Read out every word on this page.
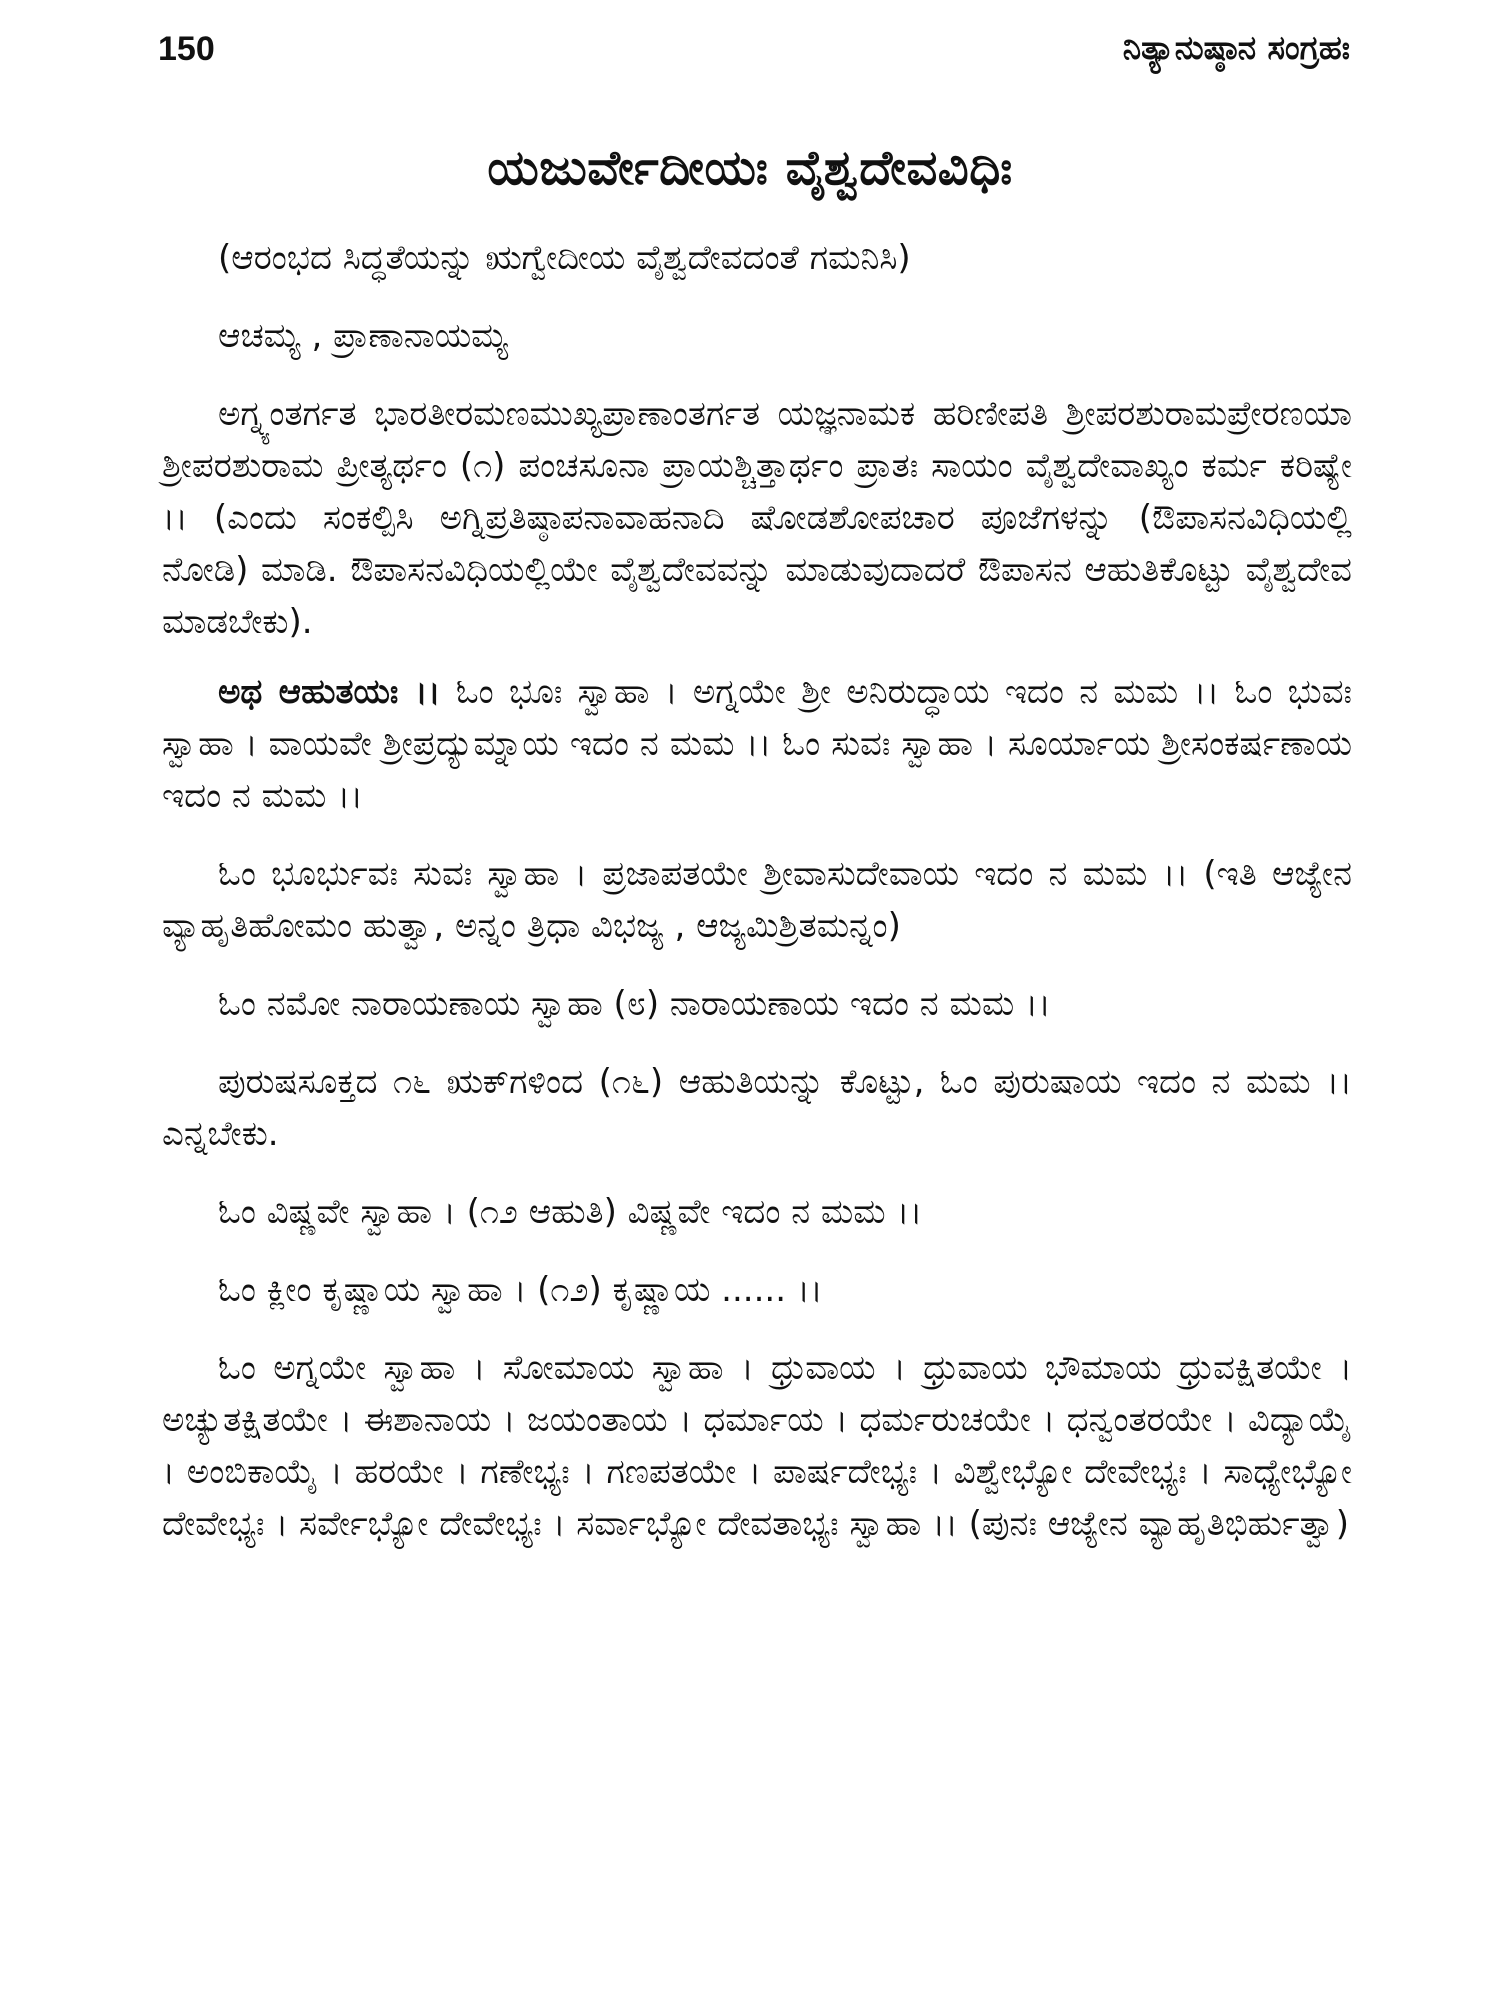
150	ನಿತ್ಯಾನುಷ್ಠಾನ ಸಂಗ್ರಹಃ
ಯಜುರ್ವೇದೀಯಃ ವೈಶ್ವದೇವವಿಧಿಃ

(ಆರಂಭದ ಸಿದ್ಧತೆಯನ್ನು ಋಗ್ವೇದೀಯ ವೈಶ್ವದೇವದಂತೆ ಗಮನಿಸಿ)

ಆಚಮ್ಯ , ಪ್ರಾಣಾನಾಯಮ್ಯ

ಅಗ್ನ್ಯಂತರ್ಗತ ಭಾರತೀರಮಣಮುಖ್ಯಪ್ರಾಣಾಂತರ್ಗತ ಯಜ್ಞನಾಮಕ ಹರಿಣೀಪತಿ ಶ್ರೀಪರಶುರಾಮಪ್ರೇರಣಯಾ ಶ್ರೀಪರಶುರಾಮ ಪ್ರೀತ್ಯರ್ಥಂ (೧) ಪಂಚಸೂನಾ ಪ್ರಾಯಶ್ಚಿತ್ತಾರ್ಥಂ ಪ್ರಾತಃ ಸಾಯಂ ವೈಶ್ವದೇವಾಖ್ಯಂ ಕರ್ಮ ಕರಿಷ್ಯೇ ।। (ಎಂದು ಸಂಕಲ್ಪಿಸಿ ಅಗ್ನಿಪ್ರತಿಷ್ಠಾಪನಾವಾಹನಾದಿ ಷೋಡಶೋಪಚಾರ ಪೂಜೆಗಳನ್ನು (ಔಪಾಸನವಿಧಿಯಲ್ಲಿ ನೋಡಿ) ಮಾಡಿ. ಔಪಾಸನವಿಧಿಯಲ್ಲಿಯೇ ವೈಶ್ವದೇವವನ್ನು ಮಾಡುವುದಾದರೆ ಔಪಾಸನ ಆಹುತಿಕೊಟ್ಟು ವೈಶ್ವದೇವ ಮಾಡಬೇಕು).

ಅಥ ಆಹುತಯಃ ।। ಓಂ ಭೂಃ ಸ್ವಾಹಾ । ಅಗ್ನಯೇ ಶ್ರೀ ಅನಿರುದ್ಧಾಯ ಇದಂ ನ ಮಮ ।। ಓಂ ಭುವಃ ಸ್ವಾಹಾ । ವಾಯವೇ ಶ್ರೀಪ್ರದ್ಯುಮ್ನಾಯ ಇದಂ ನ ಮಮ ।। ಓಂ ಸುವಃ ಸ್ವಾಹಾ । ಸೂರ್ಯಾಯ ಶ್ರೀಸಂಕರ್ಷಣಾಯ ಇದಂ ನ ಮಮ ।।

ಓಂ ಭೂರ್ಭುವಃ ಸುವಃ ಸ್ವಾಹಾ । ಪ್ರಜಾಪತಯೇ ಶ್ರೀವಾಸುದೇವಾಯ ಇದಂ ನ ಮಮ ।। (ಇತಿ ಆಜ್ಯೇನ ವ್ಯಾಹೃತಿಹೋಮಂ ಹುತ್ವಾ, ಅನ್ನಂ ತ್ರಿಧಾ ವಿಭಜ್ಯ , ಆಜ್ಯಮಿಶ್ರಿತಮನ್ನಂ)

ಓಂ ನಮೋ ನಾರಾಯಣಾಯ ಸ್ವಾಹಾ (೮) ನಾರಾಯಣಾಯ ಇದಂ ನ ಮಮ ।।

ಪುರುಷಸೂಕ್ತದ ೧೬ ಋಕ್‌ಗಳಿಂದ (೧೬) ಆಹುತಿಯನ್ನು ಕೊಟ್ಟು, ಓಂ ಪುರುಷಾಯ ಇದಂ ನ ಮಮ ।। ಎನ್ನಬೇಕು.

ಓಂ ವಿಷ್ಣವೇ ಸ್ವಾಹಾ । (೧೨ ಆಹುತಿ) ವಿಷ್ಣವೇ ಇದಂ ನ ಮಮ ।।

ಓಂ ಕ್ಲೀಂ ಕೃಷ್ಣಾಯ ಸ್ವಾಹಾ । (೧೨) ಕೃಷ್ಣಾಯ ...... ।।

ಓಂ ಅಗ್ನಯೇ ಸ್ವಾಹಾ । ಸೋಮಾಯ ಸ್ವಾಹಾ । ಧ್ರುವಾಯ । ಧ್ರುವಾಯ ಭೌಮಾಯ ಧ್ರುವಕ್ಷಿತಯೇ । ಅಚ್ಯುತಕ್ಷಿತಯೇ । ಈಶಾನಾಯ । ಜಯಂತಾಯ । ಧರ್ಮಾಯ । ಧರ್ಮರುಚಯೇ । ಧನ್ವಂತರಯೇ । ವಿದ್ಯಾಯೈ । ಅಂಬಿಕಾಯೈ । ಹರಯೇ । ಗಣೇಭ್ಯಃ । ಗಣಪತಯೇ । ಪಾರ್ಷದೇಭ್ಯಃ । ವಿಶ್ವೇಭ್ಯೋ ದೇವೇಭ್ಯಃ । ಸಾಧ್ಯೇಭ್ಯೋ ದೇವೇಭ್ಯಃ । ಸರ್ವೇಭ್ಯೋ ದೇವೇಭ್ಯಃ । ಸರ್ವಾಭ್ಯೋ ದೇವತಾಭ್ಯಃ ಸ್ವಾಹಾ ।। (ಪುನಃ ಆಜ್ಯೇನ ವ್ಯಾಹೃತಿಭಿರ್ಹುತ್ವಾ)
